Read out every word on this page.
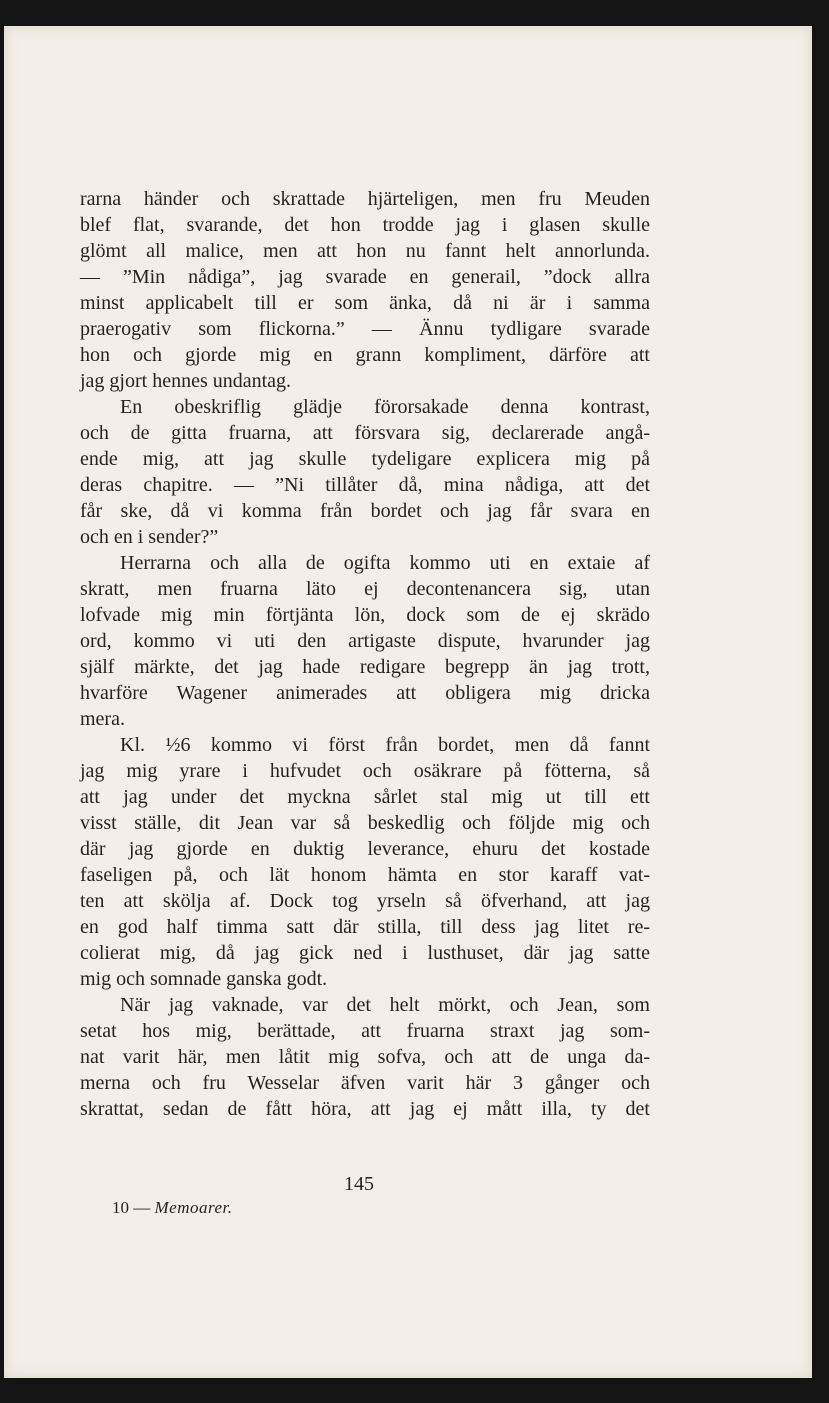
rarna händer och skrattade hjärteligen, men fru Meuden
blef flat, svarande, det hon trodde jag i glasen skulle
glömt all malice, men att hon nu fannt helt annorlunda.
— ”Min nådiga”, jag svarade en generail, ”dock allra
minst applicabelt till er som änka, då ni är i samma
praerogativ som flickorna.” — Ännu tydligare svarade
hon och gjorde mig en grann kompliment, därföre att
jag gjort hennes undantag.
En obeskriflig glädje förorsakade denna kontrast,
och de gitta fruarna, att försvara sig, declarerade angå-
ende mig, att jag skulle tydeligare explicera mig på
deras chapitre. — ”Ni tillåter då, mina nådiga, att det
får ske, då vi komma från bordet och jag får svara en
och en i sender?”
Herrarna och alla de ogifta kommo uti en extaie af
skratt, men fruarna läto ej decontenancera sig, utan
lofvade mig min förtjänta lön, dock som de ej skrädo
ord, kommo vi uti den artigaste dispute, hvarunder jag
själf märkte, det jag hade redigare begrepp än jag trott,
hvarföre Wagener animerades att obligera mig dricka
mera.
Kl. ½6 kommo vi först från bordet, men då fannt
jag mig yrare i hufvudet och osäkrare på fötterna, så
att jag under det myckna sårlet stal mig ut till ett
visst ställe, dit Jean var så beskedlig och följde mig och
där jag gjorde en duktig leverance, ehuru det kostade
faseligen på, och lät honom hämta en stor karaff vat-
ten att skölja af. Dock tog yrseln så öfverhand, att jag
en god half timma satt där stilla, till dess jag litet re-
colierat mig, då jag gick ned i lusthuset, där jag satte
mig och somnade ganska godt.
När jag vaknade, var det helt mörkt, och Jean, som
setat hos mig, berättade, att fruarna straxt jag som-
nat varit här, men låtit mig sofva, och att de unga da-
merna och fru Wesselar äfven varit här 3 gånger och
skrattat, sedan de fått höra, att jag ej mått illa, ty det
145
10 — Memoarer.
